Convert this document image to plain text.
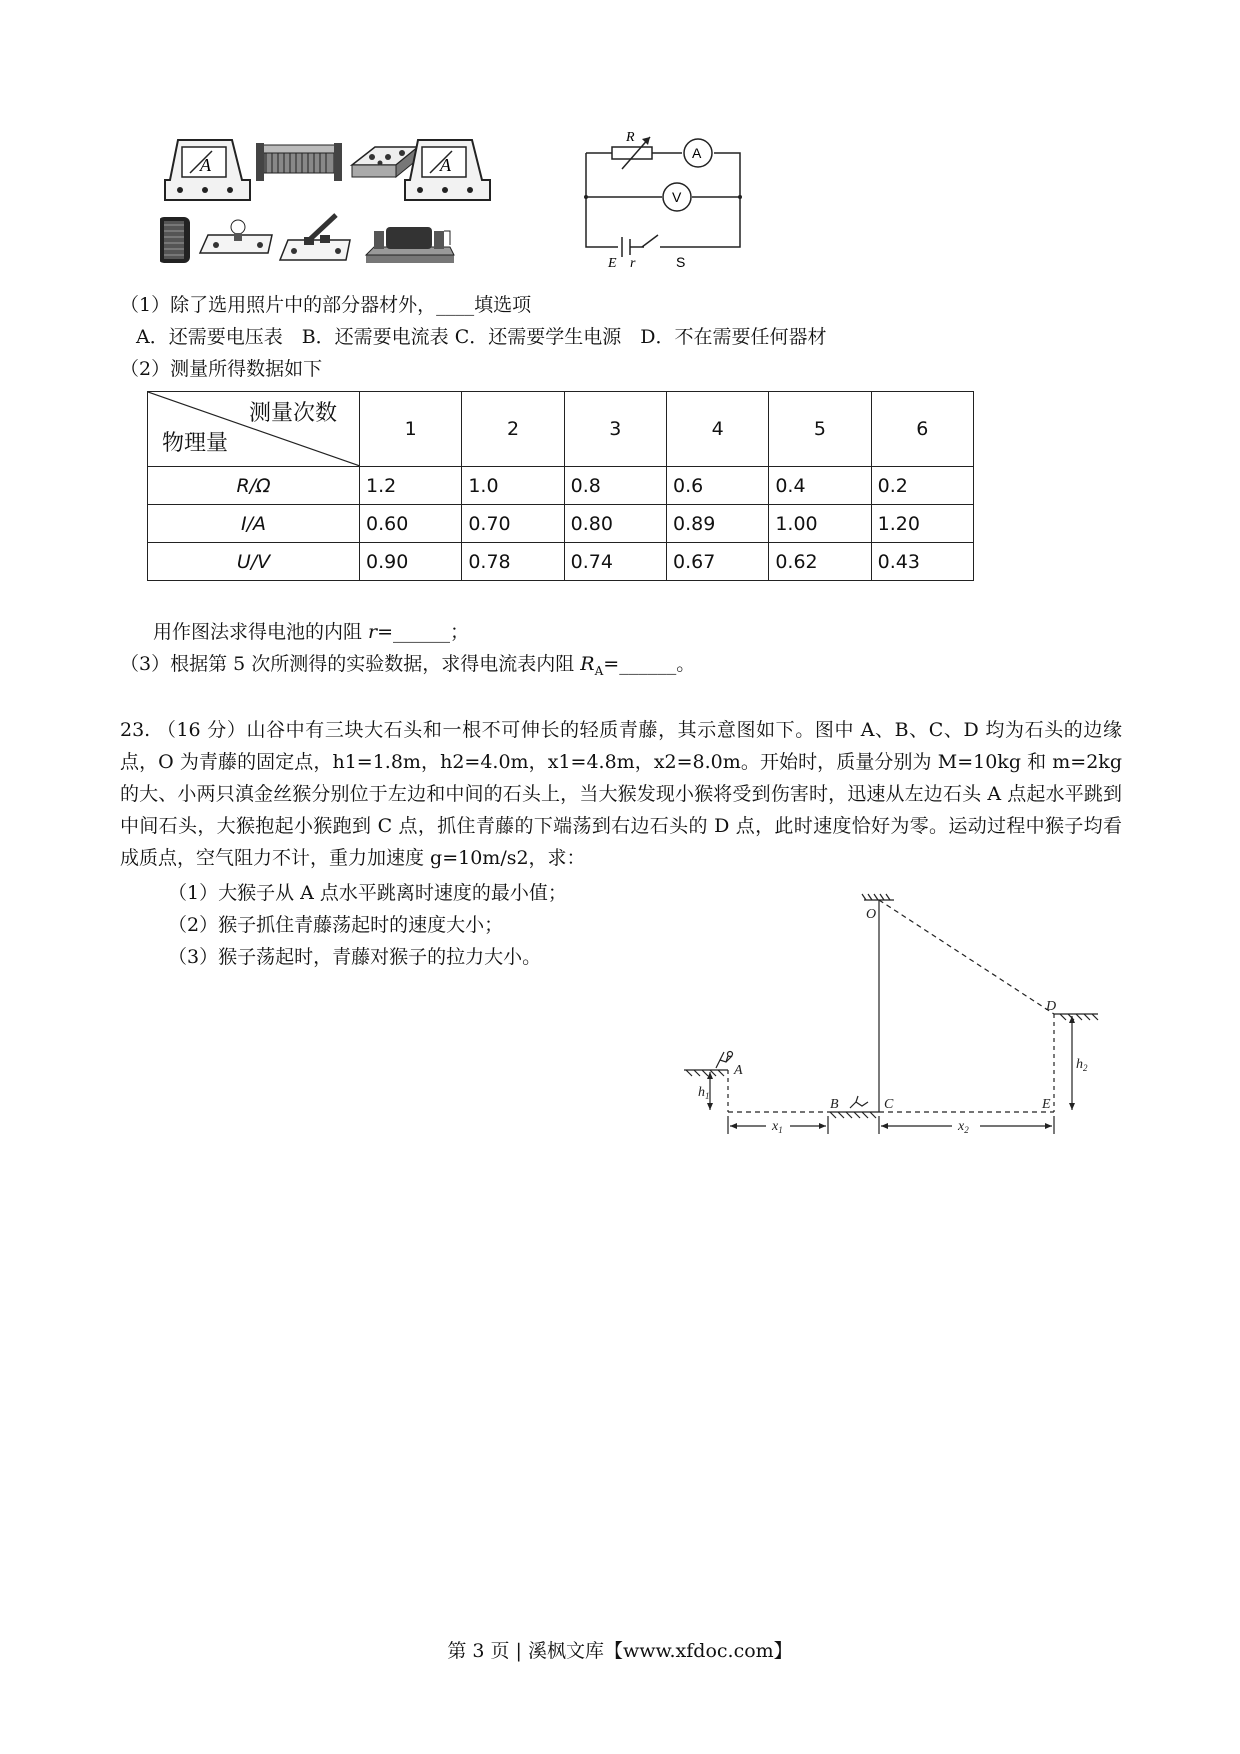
A	A
R
A
V
E r	S
（1）除了选用照片中的部分器材外，____填选项
A．还需要电压表　B．还需要电流表 C．还需要学生电源　D．不在需要任何器材
（2）测量所得数据如下
测量次数
物理量	1	2	3	4	5	6
R/Ω	1.2	1.0	0.8	0.6	0.4	0.2
I/A	0.60	0.70	0.80	0.89	1.00	1.20
U/V	0.90	0.78	0.74	0.67	0.62	0.43
用作图法求得电池的内阻 r=______；
（3）根据第 5 次所测得的实验数据，求得电流表内阻 $R_A=\_\_\_\_\_\_$。
23. （16 分）山谷中有三块大石头和一根不可伸长的轻质青藤，其示意图如下。图中 A、B、C、D 均为石头的边缘点，O 为青藤的固定点，h1=1.8m，h2=4.0m，x1=4.8m，x2=8.0m。开始时，质量分别为 M=10kg 和 m=2kg 的大、小两只滇金丝猴分别位于左边和中间的石头上，当大猴发现小猴将受到伤害时，迅速从左边石头 A 点起水平跳到中间石头，大猴抱起小猴跑到 C 点，抓住青藤的下端荡到右边石头的 D 点，此时速度恰好为零。运动过程中猴子均看成质点，空气阻力不计，重力加速度 g=10m/s2，求：
（1）大猴子从 A 点水平跳离时速度的最小值；
（2）猴子抓住青藤荡起时的速度大小；
（3）猴子荡起时，青藤对猴子的拉力大小。
O
A
B	C
D
E
$h_1$
$h_2$
$x_1$	$x_2$
第 3 页 | 溪枫文库【www.xfdoc.com】
